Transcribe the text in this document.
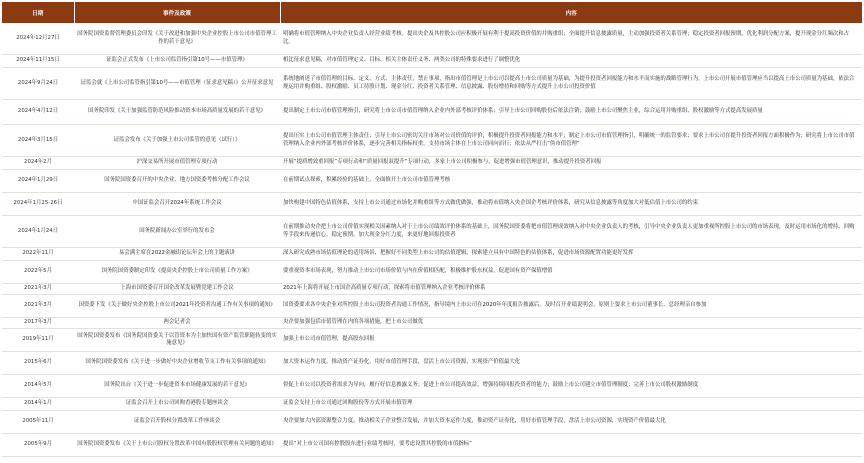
日期	事件及政策	内容
2024年12月27日	国务院国资监督管理委员会印发《关于改进和加强中央企业控股上市公司市值管理工作的若干意见》	明确将市值管理纳入中央企业负责人经营业绩考核。提出央企及其控股公司应积极开展有利于提高投资价值的并购重组；全面提升信息披露质量，主动加强投资者关系管理；稳定投资者回报预期，优化利润分配方案，提升现金分红频次和占比。
2024年11月15日	证监会正式发布《上市公司监管指引第10号——市值管理》	相比征求意见稿，对市值管理定义、目标、相关主体责任义务、两类公司的特殊要求进行了调整优化
2024年9月24日	证监会就《上市公司监管指引第10号——市值管理（征求意见稿）》公开征求意见	系统地阐述了市值管理的目标、定义、方式、主体责任，禁止事项，指出市值管理是上市公司以提高上市公司质量为基础，为提升投资者回报能力和水平而实施的战略管理行为。上市公司开展市值管理应当以提高上市公司质量为基础，依法合规运用并购重组、股权激励、员工持股计划、现金分红、投资者关系管理、信息披露、股份增持和回购等方式提升上市公司投资价值
2024年4月12日	国务院印发《关于加强监管防范风险推动资本市场高质量发展的若干意见》	提出制定上市公司市值管理指引，研究将上市公司市值管理纳入企业内外部考核评价体系；引导上市公司回购股份后依法注销；鼓励上市公司聚焦主业，综合运用并购重组、股权激励等方式提高发展质量
2024年3月15日	证监会发布《关于加强上市公司监管的意见（试行）》	提出压实上市公司市值管理主体责任；引导上市公司密切关注市场对公司价值的评价，积极提升投资者回报能力和水平；制定上市公司市值管理指引，明确统一的监管要求；要求上市公司在提升投资者回报方面积极作为；研究将上市公司市值管理纳入企业内外部考核评价体系，逐步完善相关指标权重，支持市场主体在上市公司同向而行；依法从严打击“伪市值管理”
2024年2月	沪深交易所开展市值管理专项行动	开展“提质增效重回报”专项行动和“质量回报双提升”专项行动，多家上市公司积极参与，促进增强市值管理意识，推动提升投资者回报
2024年1月29日	国务院国资委召开的中央企业、地方国资委考核分配工作会议	在前期试点探索，积累经验的基础上，全面推开上市公司市值管理考核
2024年1月25-26日	中国证监会召开2024年系统工作会议	加快构建中国特色估值体系，支持上市公司通过市场化并购重组等方式做优做强，推动将市值纳入央企国企考核评价体系，研究从信息披露等角度加大对低估值上市公司的约束
2024年1月24日	国务院新闻办公室举行的发布会	在前期推动央企把上市公司价值实现相关因素纳入对于上市公司绩效评价体系的基础上，国务院国资委将把市值管理成效纳入对中央企业负责人的考核，引导中央企业负责人更加重视所控股上市公司的市场表现，及时运用市场化的增持、回购等手段来传递信心，稳定预期，加大现金分红力度，来更好地回报投资者
2022年11月	易会满主席在2022金融街论坛年会上的主题演讲	深入研究成熟市场估值理论的适用场景，把握好不同类型上市公司的估值逻辑，探索建立具有中国特色的估值体系，促进市场资源配置功能更好发挥
2022年5月	国务院国资委制定印发《提高央企控股上市公司质量工作方案》	要重视资本市场表现，努力推动上市公司市场价值与内在价值相匹配，积极维护股东权益，促进国有资产保值增值
2021年3月	上海市国资委召开国企改革发展暨党建工作会议	2021年上海将开展上市国企高质量专项行动，探索将市值管理纳入企业考核评价体系
2021年3月	国资委下发《关于做好央企控股上市公司2021年投资者沟通工作有关事项的通知》	国资委要求各中央企业对所控股上市公司投资者沟通工作情况，指导境内上市公司在2020年年度报告披露后，及时召开业绩说明会，原则上要求上市公司董事长、总经理亲自参加
2017年3月	两会记者会	央企要加强包括市值管理在内的各项措施，把上市公司做优
2019年11月	国务院国资委发布《国务院国资委关于以管资本为主加快国有资产监管职能转变的实施意见》	加强上市公司市值管理，提高股东回报
2015年6月	国务院国资委发布《关于进一步做好中央企业增收节支工作有关事项的通知》	加大资本运作力度，推动资产证券化，用好市值管理手段，盘活上市公司资源，实现资产价值最大化
2014年5月	国务院出台《关于进一步促进资本市场健康发展的若干意见》	督促上市公司以投资者需求为导向，履行好信息披露义务；促进上市公司提高效益，增强持续回报投资者的能力；鼓励上市公司建立市值管理制度；完善上市公司股权激励制度
2014年1月	证监会召开上市公司回购香港股专题座谈会	证监会支持上市公司通过回购股份等方式开展市值管理
2005年11月	证监会召开股权分置改革工作座谈会	央企要加大内部资源整合力度，推动相关子企业整合发展，并加大资本运作力度，推动资产证券化，用好市值管理手段，盘活上市公司资源，实现资产价值最大化
2005年9月	国务院国资委发布《关于上市公司股权分置改革中国有股股权管理有关问题的通知》	提出“对上市公司国有控股股东进行业绩考核时，要考虑设置其控股的市值指标”
